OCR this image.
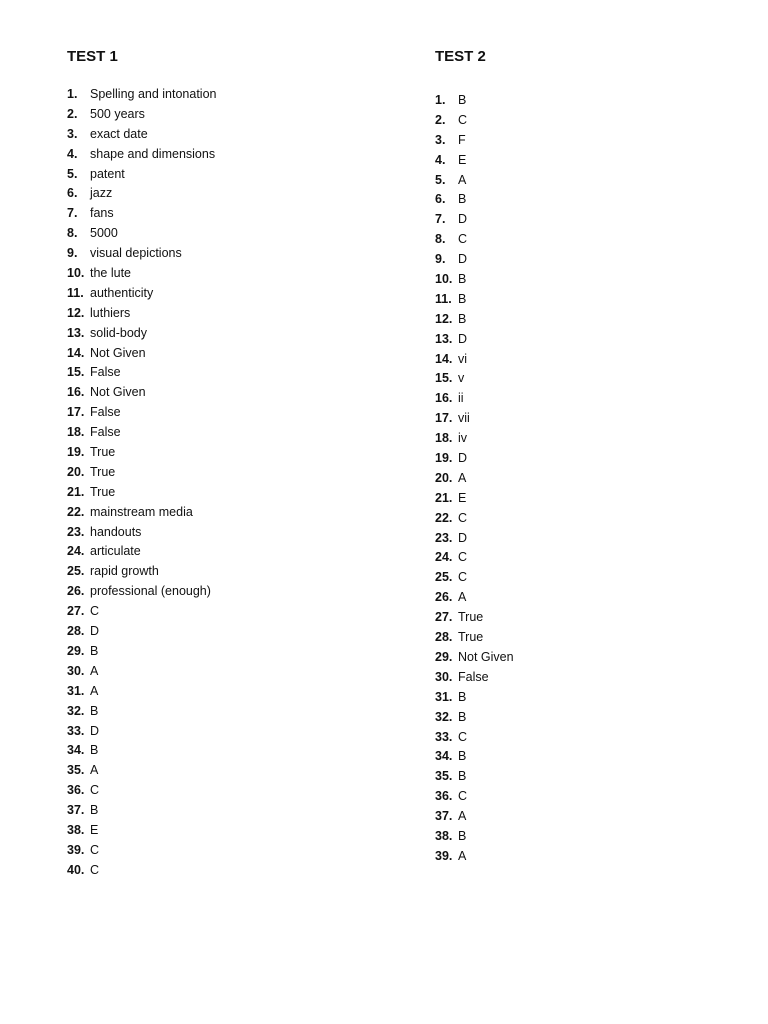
TEST 1
1.	Spelling and intonation
2.	500 years
3.	exact date
4.	shape and dimensions
5.	patent
6.	jazz
7.	fans
8.	5000
9.	visual depictions
10. the lute
11. authenticity
12. luthiers
13. solid-body
14. Not Given
15. False
16. Not Given
17. False
18. False
19. True
20. True
21. True
22. mainstream media
23. handouts
24. articulate
25. rapid growth
26. professional (enough)
27. C
28. D
29. B
30. A
31. A
32. B
33. D
34. B
35. A
36. C
37. B
38. E
39. C
40. C
TEST 2
1.	B
2.	C
3.	F
4.	E
5.	A
6.	B
7.	D
8.	C
9.	D
10. B
11. B
12. B
13. D
14. vi
15. v
16. ii
17. vii
18. iv
19. D
20. A
21. E
22. C
23. D
24. C
25. C
26. A
27. True
28. True
29. Not Given
30. False
31. B
32. B
33. C
34. B
35. B
36. C
37. A
38. B
39. A
